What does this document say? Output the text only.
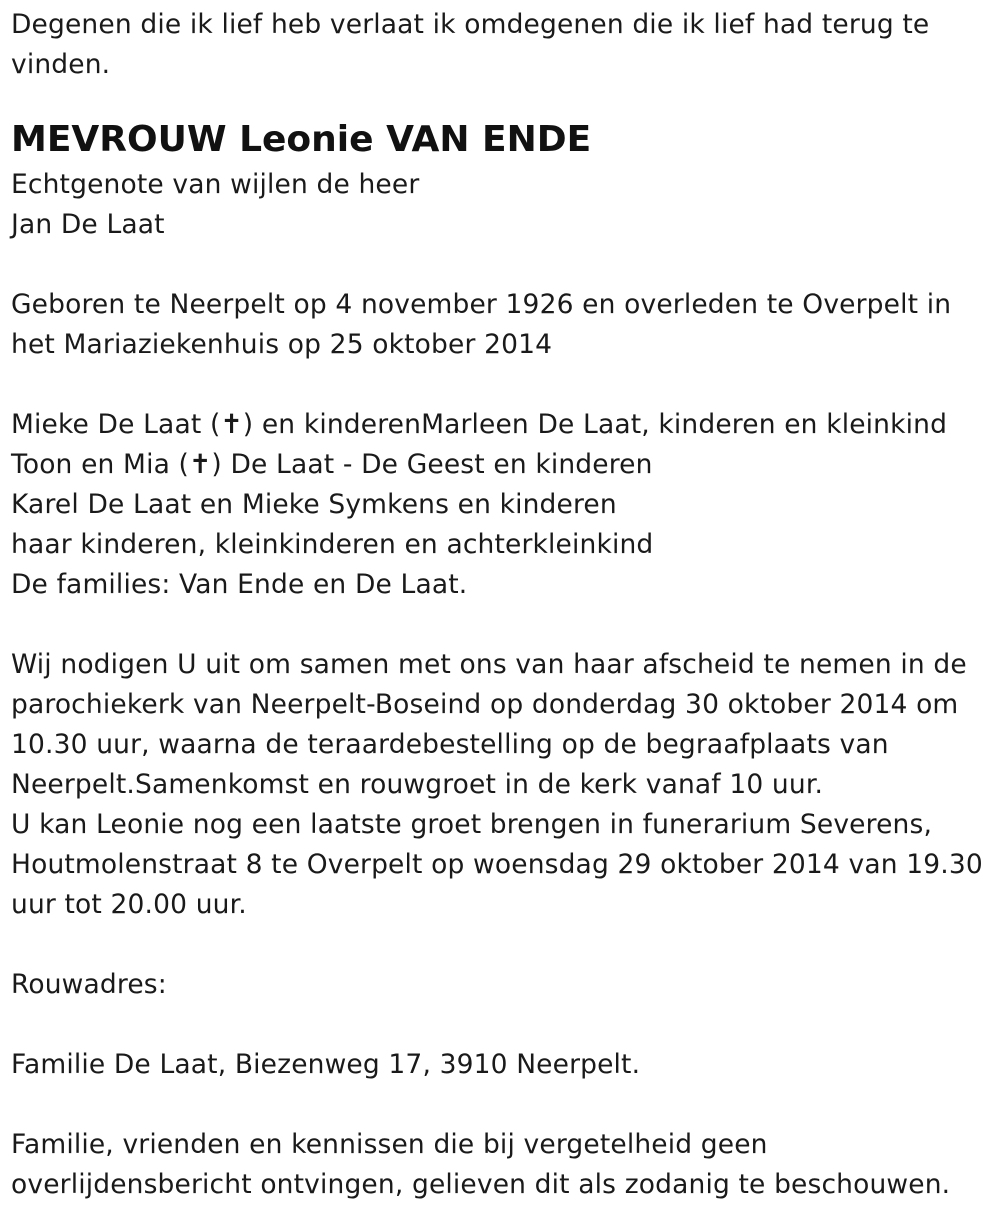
Degenen die ik lief heb verlaat ik omdegenen die ik lief had terug te
vinden.
MEVROUW Leonie VAN ENDE
Echtgenote van wijlen de heer
Jan De Laat
Geboren te Neerpelt op 4 november 1926 en overleden te Overpelt in
het Mariaziekenhuis op 25 oktober 2014
Mieke De Laat (✝) en kinderenMarleen De Laat, kinderen en kleinkind
Toon en Mia (✝) De Laat - De Geest en kinderen
Karel De Laat en Mieke Symkens en kinderen
haar kinderen, kleinkinderen en achterkleinkind
De families: Van Ende en De Laat.
Wij nodigen U uit om samen met ons van haar afscheid te nemen in de
parochiekerk van Neerpelt-Boseind op donderdag 30 oktober 2014 om
10.30 uur, waarna de teraardebestelling op de begraafplaats van
Neerpelt.Samenkomst en rouwgroet in de kerk vanaf 10 uur.
U kan Leonie nog een laatste groet brengen in funerarium Severens,
Houtmolenstraat 8 te Overpelt op woensdag 29 oktober 2014 van 19.30
uur tot 20.00 uur.
Rouwadres:
Familie De Laat, Biezenweg 17, 3910 Neerpelt.
Familie, vrienden en kennissen die bij vergetelheid geen
overlijdensbericht ontvingen, gelieven dit als zodanig te beschouwen.
